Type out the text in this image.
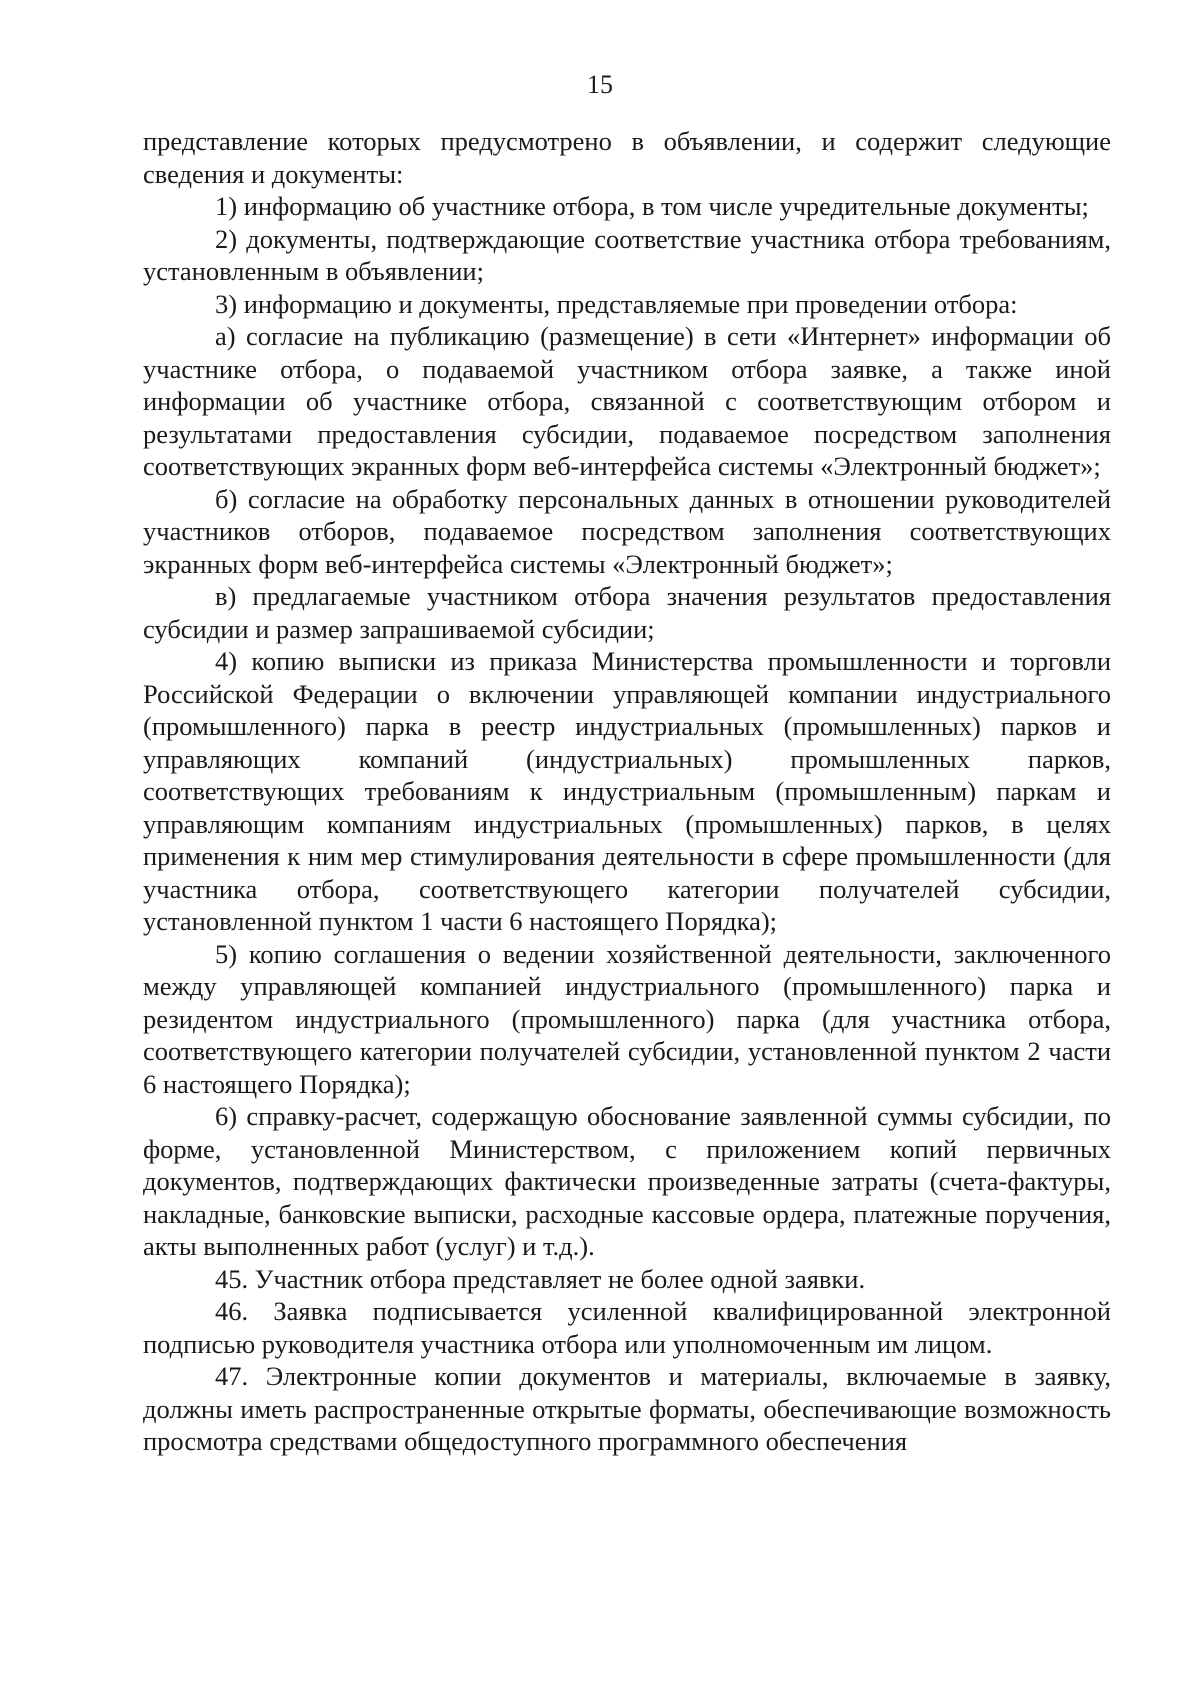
15

представление которых предусмотрено в объявлении, и содержит следующие сведения и документы:

1) информацию об участнике отбора, в том числе учредительные документы;

2) документы, подтверждающие соответствие участника отбора требованиям, установленным в объявлении;

3) информацию и документы, представляемые при проведении отбора:

а) согласие на публикацию (размещение) в сети «Интернет» информации об участнике отбора, о подаваемой участником отбора заявке, а также иной информации об участнике отбора, связанной с соответствующим отбором и результатами предоставления субсидии, подаваемое посредством заполнения соответствующих экранных форм веб-интерфейса системы «Электронный бюджет»;

б) согласие на обработку персональных данных в отношении руководителей участников отборов, подаваемое посредством заполнения соответствующих экранных форм веб-интерфейса системы «Электронный бюджет»;

в) предлагаемые участником отбора значения результатов предоставления субсидии и размер запрашиваемой субсидии;

4) копию выписки из приказа Министерства промышленности и торговли Российской Федерации о включении управляющей компании индустриального (промышленного) парка в реестр индустриальных (промышленных) парков и управляющих компаний (индустриальных) промышленных парков, соответствующих требованиям к индустриальным (промышленным) паркам и управляющим компаниям индустриальных (промышленных) парков, в целях применения к ним мер стимулирования деятельности в сфере промышленности (для участника отбора, соответствующего категории получателей субсидии, установленной пунктом 1 части 6 настоящего Порядка);

5) копию соглашения о ведении хозяйственной деятельности, заключенного между управляющей компанией индустриального (промышленного) парка и резидентом индустриального (промышленного) парка (для участника отбора, соответствующего категории получателей субсидии, установленной пунктом 2 части 6 настоящего Порядка);

6) справку-расчет, содержащую обоснование заявленной суммы субсидии, по форме, установленной Министерством, с приложением копий первичных документов, подтверждающих фактически произведенные затраты (счета-фактуры, накладные, банковские выписки, расходные кассовые ордера, платежные поручения, акты выполненных работ (услуг) и т.д.).

45. Участник отбора представляет не более одной заявки.

46. Заявка подписывается усиленной квалифицированной электронной подписью руководителя участника отбора или уполномоченным им лицом.

47. Электронные копии документов и материалы, включаемые в заявку, должны иметь распространенные открытые форматы, обеспечивающие возможность просмотра средствами общедоступного программного обеспечения
